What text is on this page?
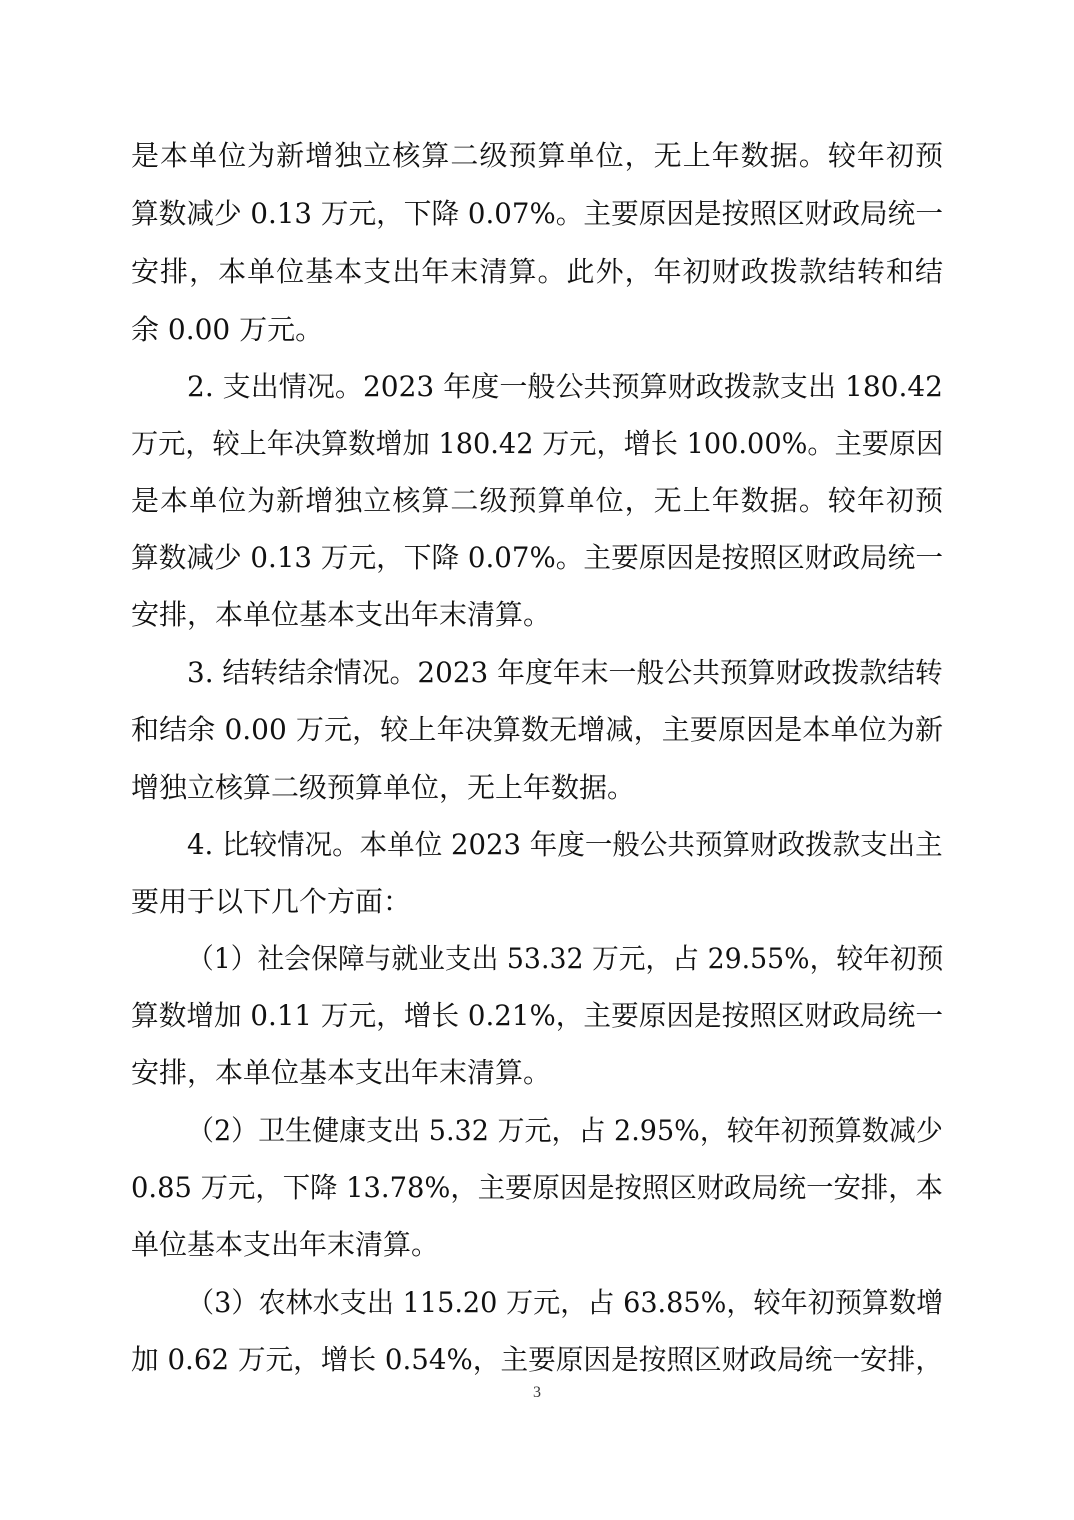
是本单位为新增独立核算二级预算单位，无上年数据。较年初预
算数减少 0.13 万元，下降 0.07%。主要原因是按照区财政局统一
安排，本单位基本支出年末清算。此外，年初财政拨款结转和结
余 0.00 万元。
2. 支出情况。2023 年度一般公共预算财政拨款支出 180.42
万元，较上年决算数增加 180.42 万元，增长 100.00%。主要原因
是本单位为新增独立核算二级预算单位，无上年数据。较年初预
算数减少 0.13 万元，下降 0.07%。主要原因是按照区财政局统一
安排，本单位基本支出年末清算。
3. 结转结余情况。2023 年度年末一般公共预算财政拨款结转
和结余 0.00 万元，较上年决算数无增减，主要原因是本单位为新
增独立核算二级预算单位，无上年数据。
4. 比较情况。本单位 2023 年度一般公共预算财政拨款支出主
要用于以下几个方面：
（1）社会保障与就业支出 53.32 万元，占 29.55%，较年初预
算数增加 0.11 万元，增长 0.21%，主要原因是按照区财政局统一
安排，本单位基本支出年末清算。
（2）卫生健康支出 5.32 万元，占 2.95%，较年初预算数减少
0.85 万元，下降 13.78%，主要原因是按照区财政局统一安排，本
单位基本支出年末清算。
（3）农林水支出 115.20 万元，占 63.85%，较年初预算数增
加 0.62 万元，增长 0.54%，主要原因是按照区财政局统一安排，
3
